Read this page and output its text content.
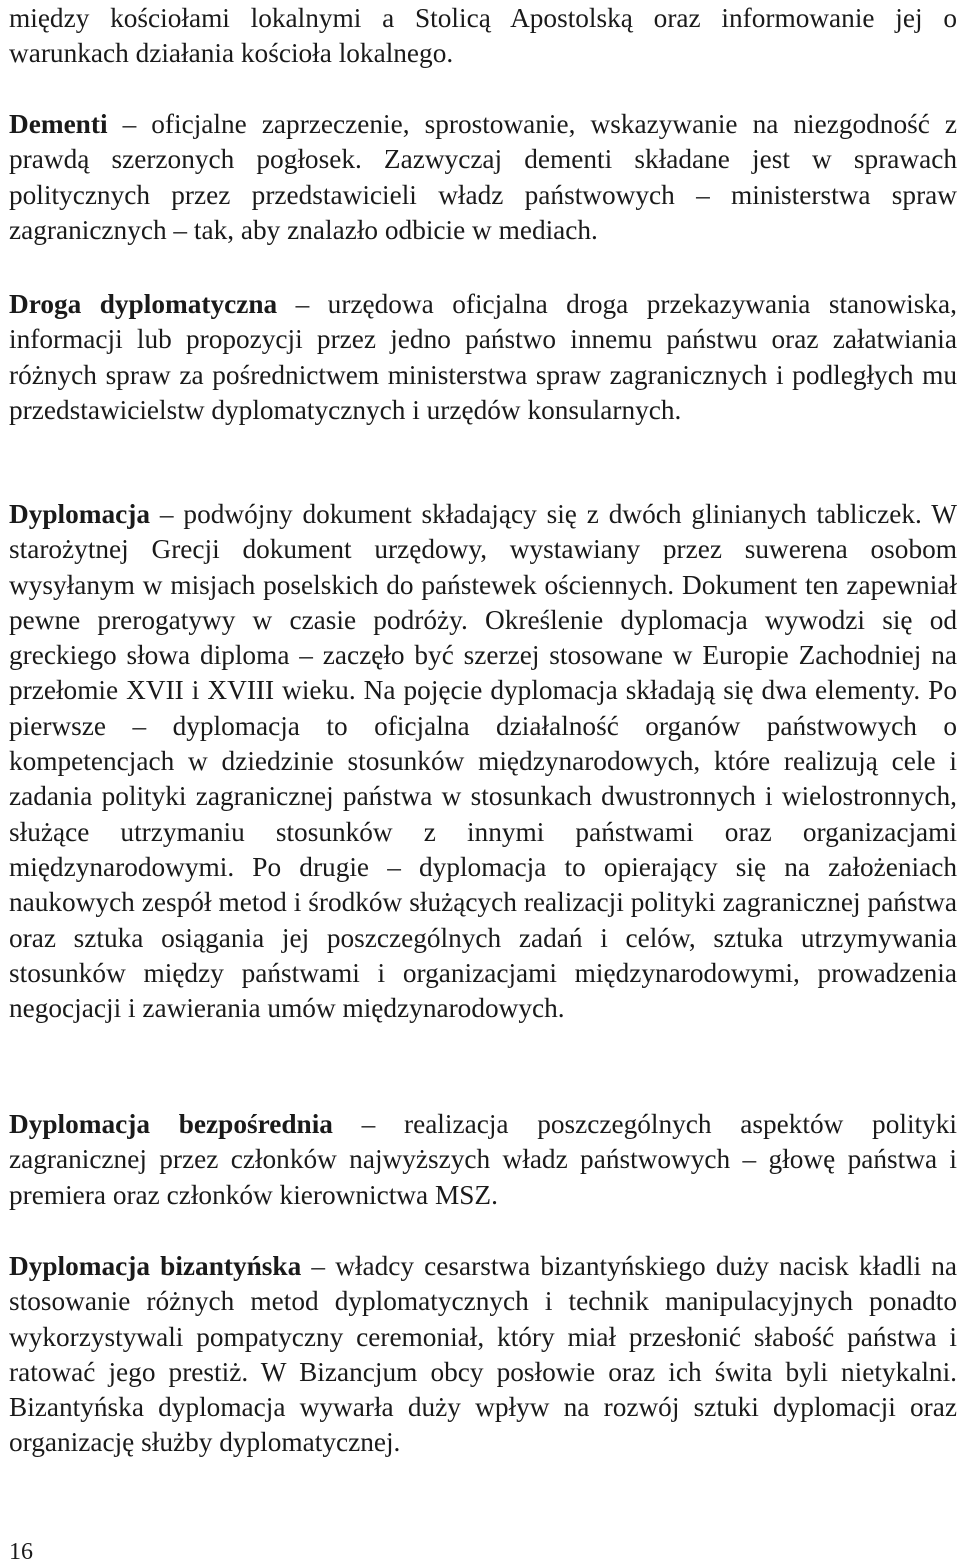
między kościołami lokalnymi a Stolicą Apostolską oraz informowanie jej o warunkach działania kościoła lokalnego.

Dementi – oficjalne zaprzeczenie, sprostowanie, wskazywanie na niezgodność z prawdą szerzonych pogłosek. Zazwyczaj dementi składane jest w sprawach politycznych przez przedstawicieli władz państwowych – ministerstwa spraw zagranicznych – tak, aby znalazło odbicie w mediach.

Droga dyplomatyczna – urzędowa oficjalna droga przekazywania stanowiska, informacji lub propozycji przez jedno państwo innemu państwu oraz załatwiania różnych spraw za pośrednictwem ministerstwa spraw zagranicznych i podległych mu przedstawicielstw dyplomatycznych i urzędów konsularnych.

Dyplomacja – podwójny dokument składający się z dwóch glinianych tabliczek. W starożytnej Grecji dokument urzędowy, wystawiany przez suwerena osobom wysyłanym w misjach poselskich do państewek ościennych. Dokument ten zapewniał pewne prerogatywy w czasie podróży. Określenie dyplomacja wywodzi się od greckiego słowa diploma – zaczęło być szerzej stosowane w Europie Zachodniej na przełomie XVII i XVIII wieku. Na pojęcie dyplomacja składają się dwa elementy. Po pierwsze – dyplomacja to oficjalna działalność organów państwowych o kompetencjach w dziedzinie stosunków międzynarodowych, które realizują cele i zadania polityki zagranicznej państwa w stosunkach dwustronnych i wielostronnych, służące utrzymaniu stosunków z innymi państwami oraz organizacjami międzynarodowymi. Po drugie – dyplomacja to opierający się na założeniach naukowych zespół metod i środków służących realizacji polityki zagranicznej państwa oraz sztuka osiągania jej poszczególnych zadań i celów, sztuka utrzymywania stosunków między państwami i organizacjami międzynarodowymi, prowadzenia negocjacji i zawierania umów międzynarodowych.

Dyplomacja bezpośrednia – realizacja poszczególnych aspektów polityki zagranicznej przez członków najwyższych władz państwowych – głowę państwa i premiera oraz członków kierownictwa MSZ.

Dyplomacja bizantyńska – władcy cesarstwa bizantyńskiego duży nacisk kładli na stosowanie różnych metod dyplomatycznych i technik manipulacyjnych ponadto wykorzystywali pompatyczny ceremoniał, który miał przesłonić słabość państwa i ratować jego prestiż. W Bizancjum obcy posłowie oraz ich świta byli nietykalni. Bizantyńska dyplomacja wywarła duży wpływ na rozwój sztuki dyplomacji oraz organizację służby dyplomatycznej.

16
